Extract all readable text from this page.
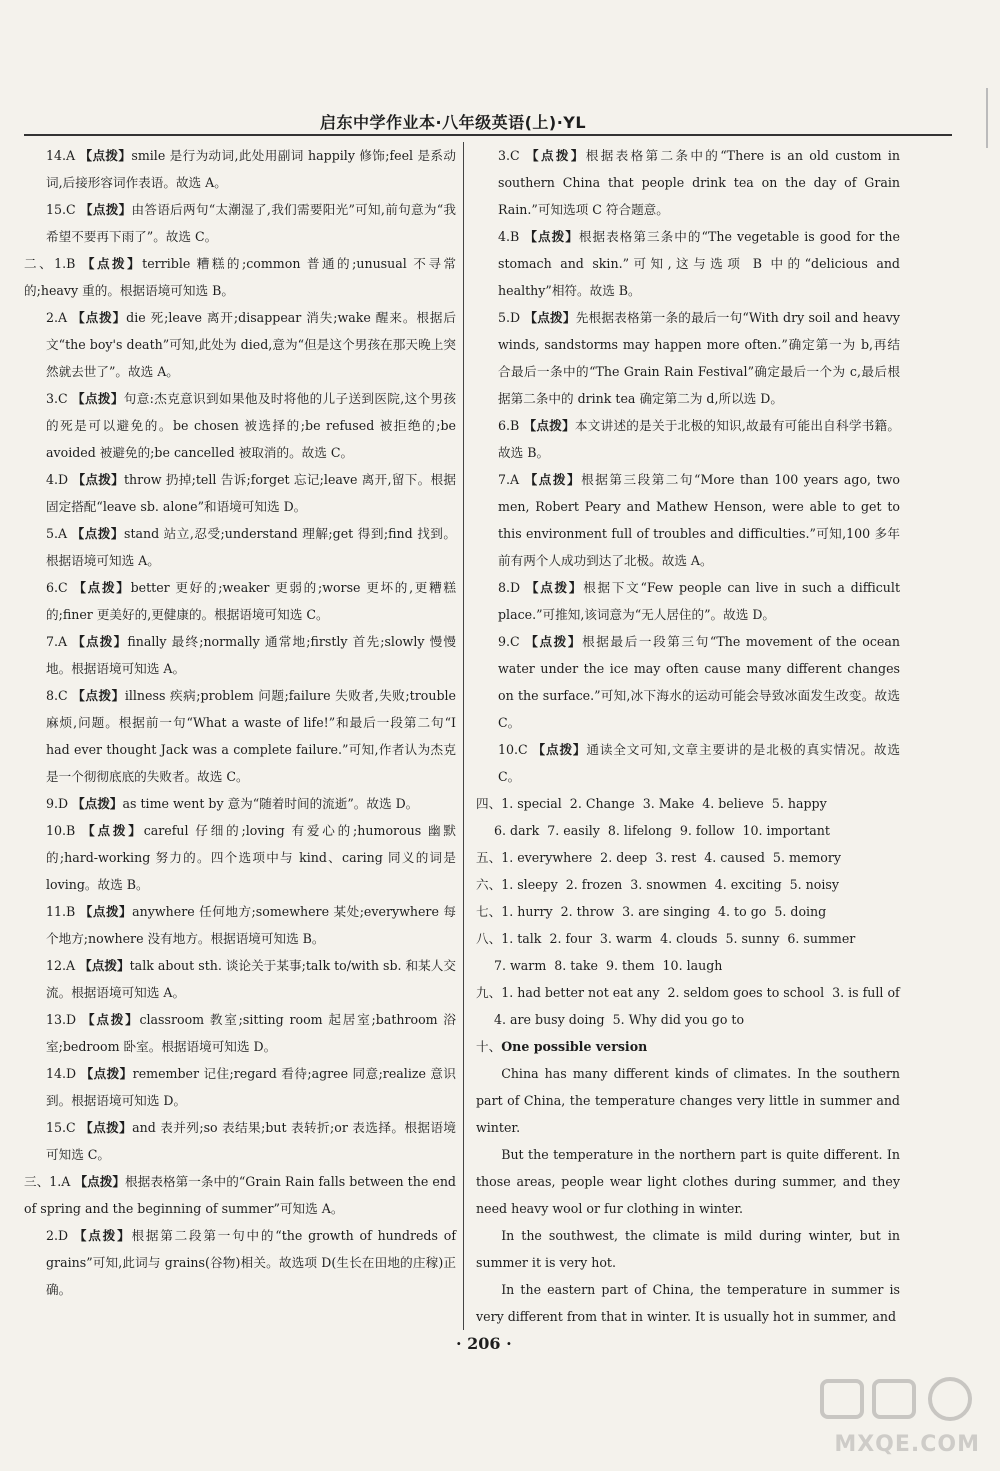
启东中学作业本·八年级英语(上)·YL

14.A 【点拨】smile 是行为动词,此处用副词 happily 修饰;feel 是系动词,后接形容词作表语。故选 A。

15.C 【点拨】由答语后两句“太潮湿了,我们需要阳光”可知,前句意为“我希望不要再下雨了”。故选 C。

二、1.B 【点拨】terrible 糟糕的;common 普通的;unusual 不寻常的;heavy 重的。根据语境可知选 B。

2.A 【点拨】die 死;leave 离开;disappear 消失;wake 醒来。根据后文“the boy's death”可知,此处为 died,意为“但是这个男孩在那天晚上突然就去世了”。故选 A。

3.C 【点拨】句意:杰克意识到如果他及时将他的儿子送到医院,这个男孩的死是可以避免的。be chosen 被选择的;be refused 被拒绝的;be avoided 被避免的;be cancelled 被取消的。故选 C。

4.D 【点拨】throw 扔掉;tell 告诉;forget 忘记;leave 离开,留下。根据固定搭配“leave sb. alone”和语境可知选 D。

5.A 【点拨】stand 站立,忍受;understand 理解;get 得到;find 找到。根据语境可知选 A。

6.C 【点拨】better 更好的;weaker 更弱的;worse 更坏的,更糟糕的;finer 更美好的,更健康的。根据语境可知选 C。

7.A 【点拨】finally 最终;normally 通常地;firstly 首先;slowly 慢慢地。根据语境可知选 A。

8.C 【点拨】illness 疾病;problem 问题;failure 失败者,失败;trouble 麻烦,问题。根据前一句“What a waste of life!”和最后一段第二句“I had ever thought Jack was a complete failure.”可知,作者认为杰克是一个彻彻底底的失败者。故选 C。

9.D 【点拨】as time went by 意为“随着时间的流逝”。故选 D。

10.B 【点拨】careful 仔细的;loving 有爱心的;humorous 幽默的;hard-working 努力的。四个选项中与 kind、caring 同义的词是 loving。故选 B。

11.B 【点拨】anywhere 任何地方;somewhere 某处;everywhere 每个地方;nowhere 没有地方。根据语境可知选 B。

12.A 【点拨】talk about sth. 谈论关于某事;talk to/with sb. 和某人交流。根据语境可知选 A。

13.D 【点拨】classroom 教室;sitting room 起居室;bathroom 浴室;bedroom 卧室。根据语境可知选 D。

14.D 【点拨】remember 记住;regard 看待;agree 同意;realize 意识到。根据语境可知选 D。

15.C 【点拨】and 表并列;so 表结果;but 表转折;or 表选择。根据语境可知选 C。

三、1.A 【点拨】根据表格第一条中的“Grain Rain falls between the end of spring and the beginning of summer”可知选 A。

2.D 【点拨】根据第二段第一句中的“the growth of hundreds of grains”可知,此词与 grains(谷物)相关。故选项 D(生长在田地的庄稼)正确。

3.C 【点拨】根据表格第二条中的“There is an old custom in southern China that people drink tea on the day of Grain Rain.”可知选项 C 符合题意。

4.B 【点拨】根据表格第三条中的“The vegetable is good for the stomach and skin.”可知,这与选项 B 中的“delicious and healthy”相符。故选 B。

5.D 【点拨】先根据表格第一条的最后一句“With dry soil and heavy winds, sandstorms may happen more often.”确定第一为 b,再结合最后一条中的“The Grain Rain Festival”确定最后一个为 c,最后根据第二条中的 drink tea 确定第二为 d,所以选 D。

6.B 【点拨】本文讲述的是关于北极的知识,故最有可能出自科学书籍。故选 B。

7.A 【点拨】根据第三段第二句“More than 100 years ago, two men, Robert Peary and Mathew Henson, were able to get to this environment full of troubles and difficulties.”可知,100 多年前有两个人成功到达了北极。故选 A。

8.D 【点拨】根据下文“Few people can live in such a difficult place.”可推知,该词意为“无人居住的”。故选 D。

9.C 【点拨】根据最后一段第三句“The movement of the ocean water under the ice may often cause many different changes on the surface.”可知,冰下海水的运动可能会导致冰面发生改变。故选 C。

10.C 【点拨】通读全文可知,文章主要讲的是北极的真实情况。故选 C。

四、1. special  2. Change  3. Make  4. believe  5. happy
6. dark  7. easily  8. lifelong  9. follow  10. important
五、1. everywhere  2. deep  3. rest  4. caused  5. memory
六、1. sleepy  2. frozen  3. snowmen  4. exciting  5. noisy
七、1. hurry  2. throw  3. are singing  4. to go  5. doing
八、1. talk  2. four  3. warm  4. clouds  5. sunny  6. summer
7. warm  8. take  9. them  10. laugh
九、1. had better not eat any  2. seldom goes to school  3. is full of
4. are busy doing  5. Why did you go to
十、One possible version

China has many different kinds of climates. In the southern part of China, the temperature changes very little in summer and winter.

But the temperature in the northern part is quite different. In those areas, people wear light clothes during summer, and they need heavy wool or fur clothing in winter.

In the southwest, the climate is mild during winter, but in summer it is very hot.

In the eastern part of China, the temperature in summer is very different from that in winter. It is usually hot in summer, and

· 206 ·
MXQE.COM
